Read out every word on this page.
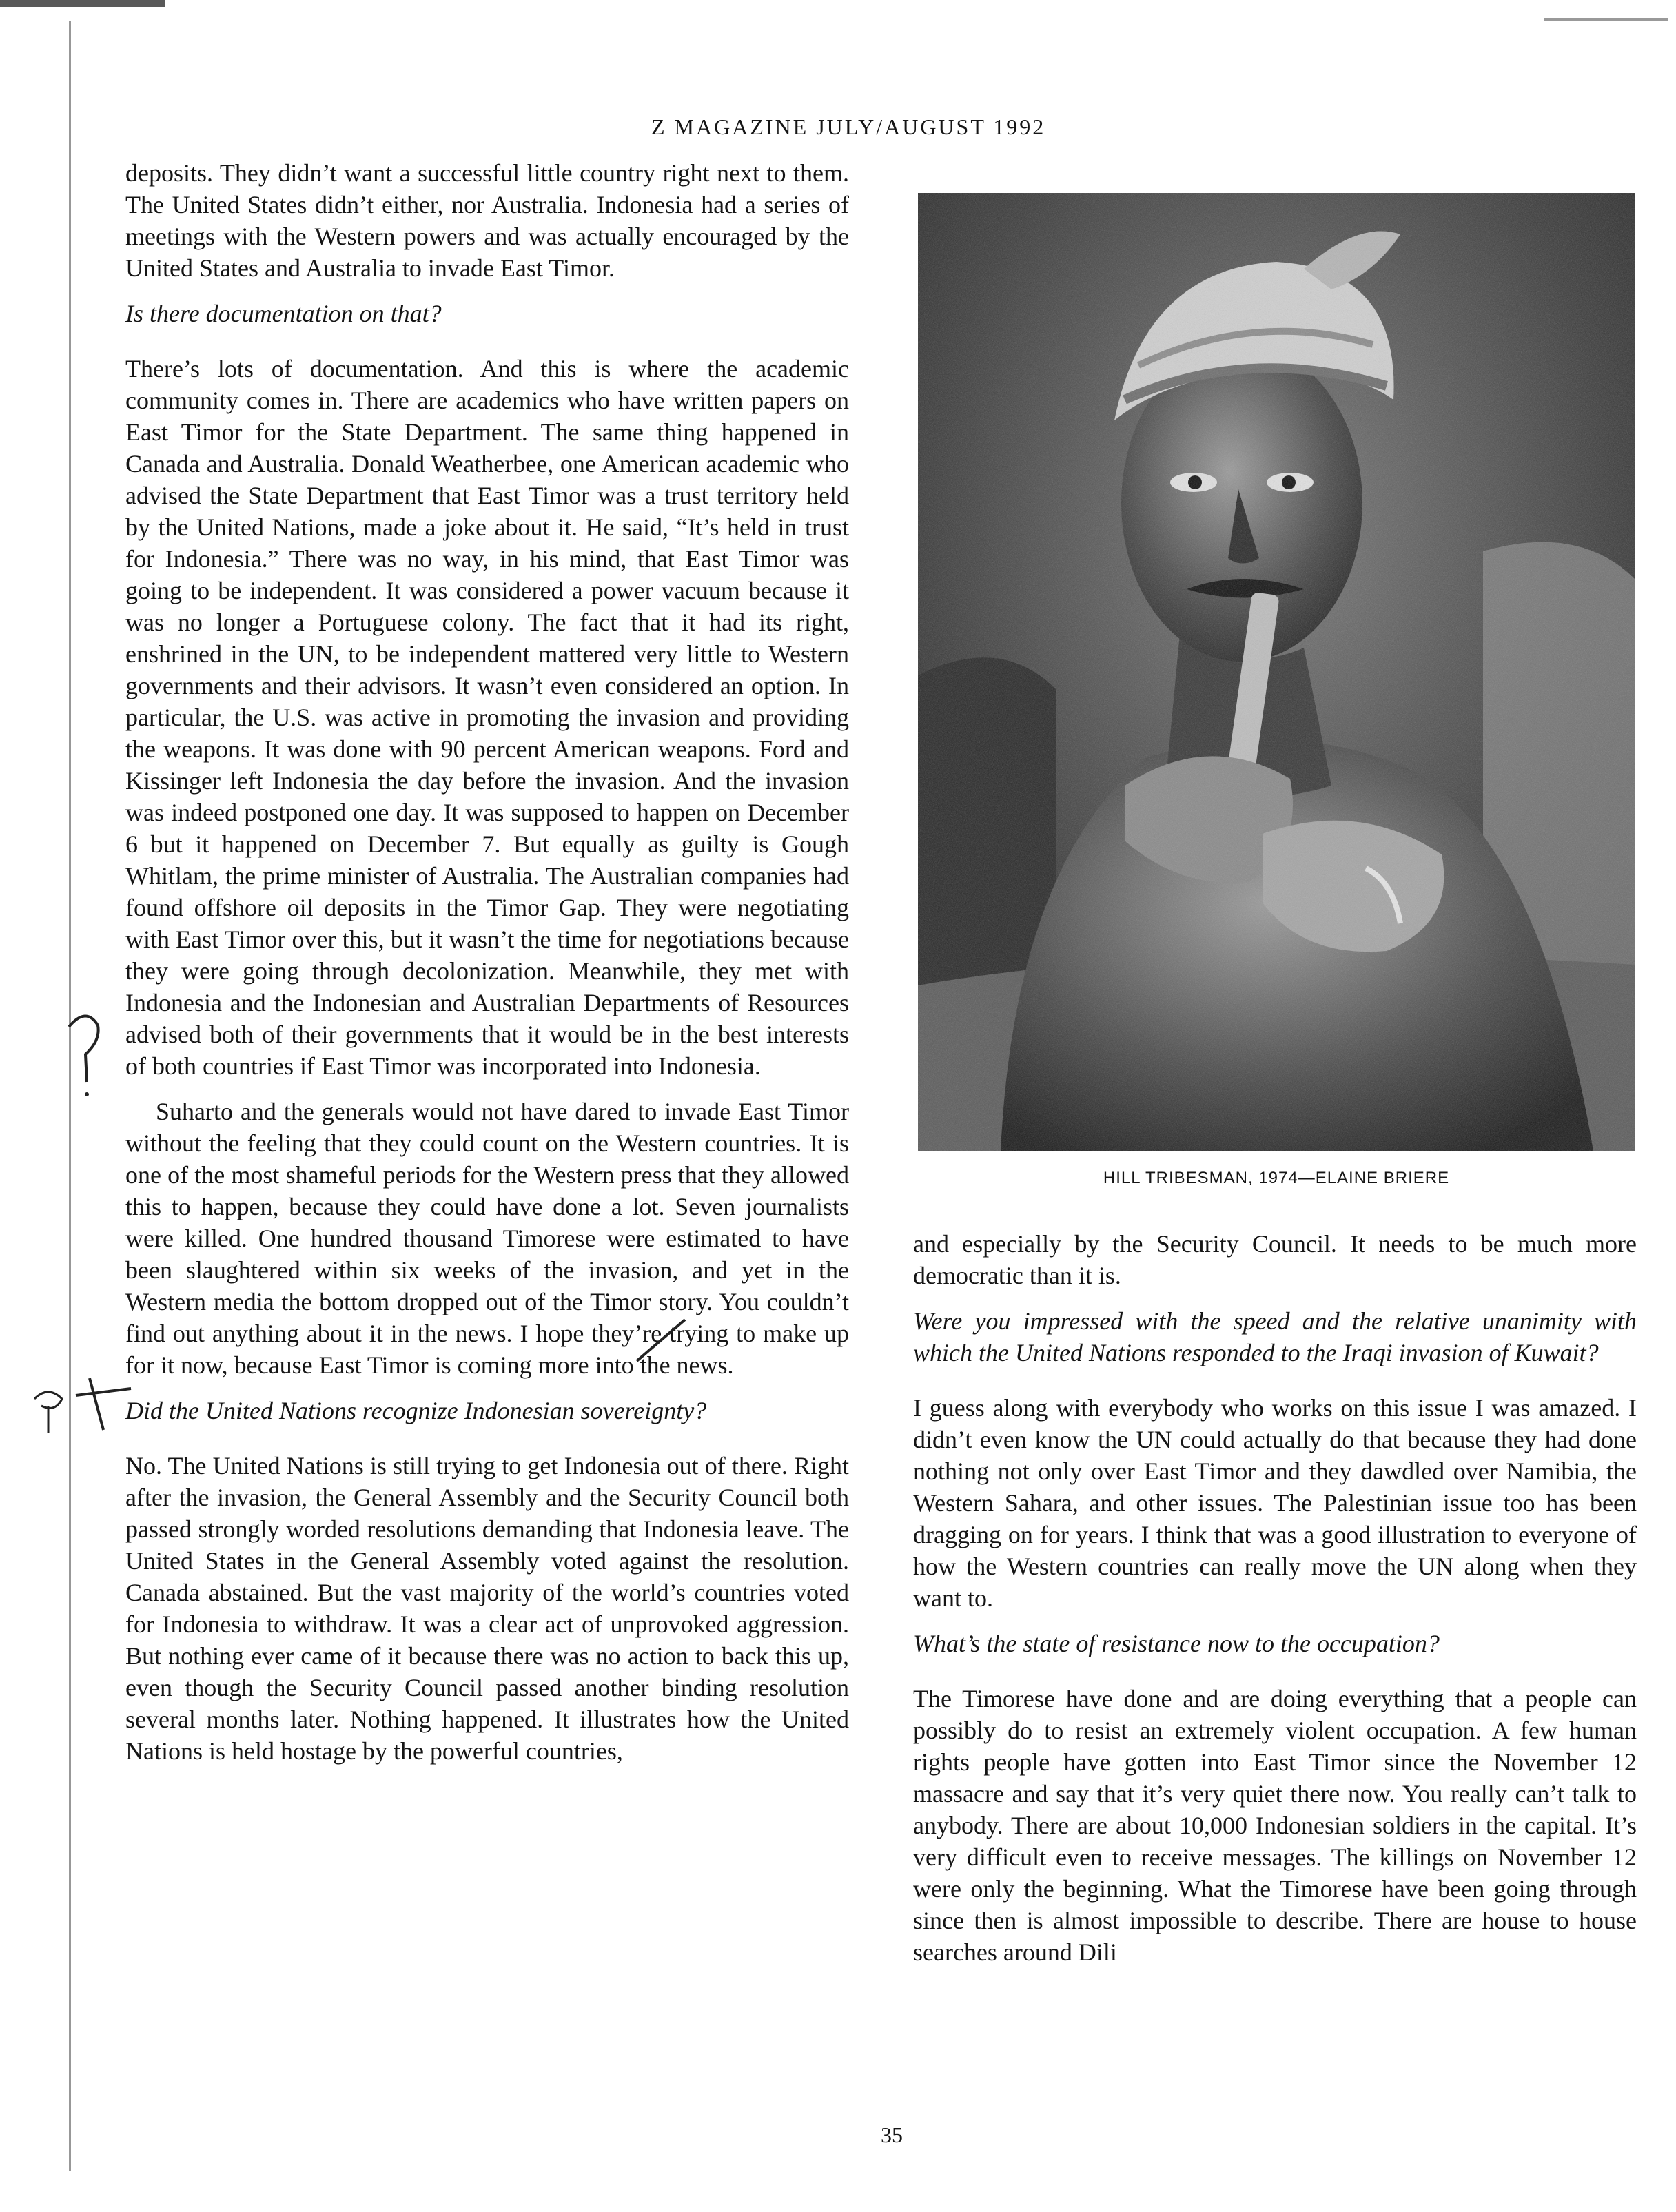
Z MAGAZINE JULY/AUGUST 1992

deposits. They didn’t want a successful little country right next to them. The United States didn’t either, nor Australia. Indonesia had a series of meetings with the Western powers and was actually encouraged by the United States and Australia to invade East Timor.

Is there documentation on that?

There’s lots of documentation. And this is where the academic community comes in. There are academics who have written papers on East Timor for the State Department. The same thing happened in Canada and Australia. Donald Weatherbee, one American academic who advised the State Department that East Timor was a trust territory held by the United Nations, made a joke about it. He said, “It’s held in trust for Indonesia.” There was no way, in his mind, that East Timor was going to be independent. It was considered a power vacuum because it was no longer a Portuguese colony. The fact that it had its right, enshrined in the UN, to be independent mattered very little to Western governments and their advisors. It wasn’t even considered an option. In particular, the U.S. was active in promoting the invasion and providing the weapons. It was done with 90 percent American weapons. Ford and Kissinger left Indonesia the day before the invasion. And the invasion was indeed postponed one day. It was supposed to happen on December 6 but it happened on December 7. But equally as guilty is Gough Whitlam, the prime minister of Australia. The Australian companies had found offshore oil deposits in the Timor Gap. They were negotiating with East Timor over this, but it wasn’t the time for negotiations because they were going through decolonization. Meanwhile, they met with Indonesia and the Indonesian and Australian Departments of Resources advised both of their governments that it would be in the best interests of both countries if East Timor was incorporated into Indonesia.

Suharto and the generals would not have dared to invade East Timor without the feeling that they could count on the Western countries. It is one of the most shameful periods for the Western press that they allowed this to happen, because they could have done a lot. Seven journalists were killed. One hundred thousand Timorese were estimated to have been slaughtered within six weeks of the invasion, and yet in the Western media the bottom dropped out of the Timor story. You couldn’t find out anything about it in the news. I hope they’re trying to make up for it now, because East Timor is coming more into the news.

Did the United Nations recognize Indonesian sovereignty?

No. The United Nations is still trying to get Indonesia out of there. Right after the invasion, the General Assembly and the Security Council both passed strongly worded resolutions demanding that Indonesia leave. The United States in the General Assembly voted against the resolution. Canada abstained. But the vast majority of the world’s countries voted for Indonesia to withdraw. It was a clear act of unprovoked aggression. But nothing ever came of it because there was no action to back this up, even though the Security Council passed another binding resolution several months later. Nothing happened. It illustrates how the United Nations is held hostage by the powerful countries,

HILL TRIBESMAN, 1974—ELAINE BRIERE

and especially by the Security Council. It needs to be much more democratic than it is.

Were you impressed with the speed and the relative unanimity with which the United Nations responded to the Iraqi invasion of Kuwait?

I guess along with everybody who works on this issue I was amazed. I didn’t even know the UN could actually do that because they had done nothing not only over East Timor and they dawdled over Namibia, the Western Sahara, and other issues. The Palestinian issue too has been dragging on for years. I think that was a good illustration to everyone of how the Western countries can really move the UN along when they want to.

What’s the state of resistance now to the occupation?

The Timorese have done and are doing everything that a people can possibly do to resist an extremely violent occupation. A few human rights people have gotten into East Timor since the November 12 massacre and say that it’s very quiet there now. You really can’t talk to anybody. There are about 10,000 Indonesian soldiers in the capital. It’s very difficult even to receive messages. The killings on November 12 were only the beginning. What the Timorese have been going through since then is almost impossible to describe. There are house to house searches around Dili

35
